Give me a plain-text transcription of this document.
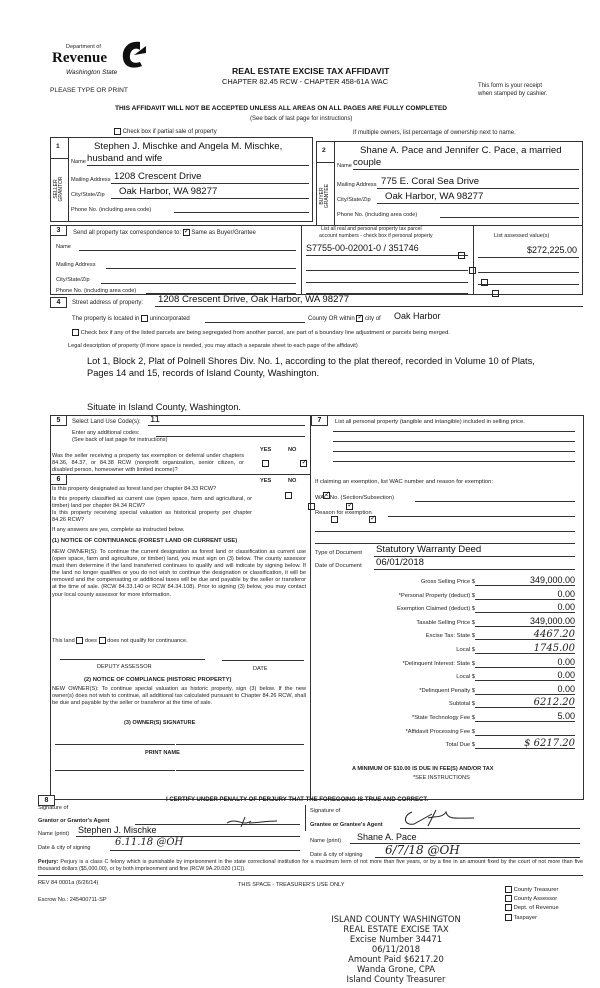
Department of
Revenue
Washington State
PLEASE TYPE OR PRINT
REAL ESTATE EXCISE TAX AFFIDAVIT
CHAPTER 82.45 RCW - CHAPTER 458-61A WAC	This form is your receipt
when stamped by cashier.
THIS AFFIDAVIT WILL NOT BE ACCEPTED UNLESS ALL AREAS ON ALL PAGES ARE FULLY COMPLETED
(See back of last page for instructions)
Check box if partial sale of property	If multiple owners, list percentage of ownership next to name.
1
SELLER GRANTOR
Stephen J. Mischke and Angela M. Mischke,
Name husband and wife
Mailing Address 1208 Crescent Drive
City/State/Zip Oak Harbor, WA 98277
Phone No. (including area code)
2
BUYER GRANTEE
Shane A. Pace and Jennifer C. Pace, a married
Name couple
Mailing Address 775 E. Coral Sea Drive
City/State/Zip Oak Harbor, WA 98277
Phone No. (including area code)
3	Send all property tax correspondence to: ✓ Same as Buyer/Grantee
Name
Mailing Address
City/State/Zip
Phone No. (including area code)
List all real and personal property tax parcel
account numbers - check box if personal property	List assessed value(s)
S7755-00-02001-0 / 351746	$272,225.00

4	Street address of property: 1208 Crescent Drive, Oak Harbor, WA 98277
The property is located in unincorporated	County OR within ✓ city of Oak Harbor
Check box if any of the listed parcels are being segregated from another parcel, are part of a boundary line adjustment or parcels being merged.
Legal description of property (if more space is needed, you may attach a separate sheet to each page of the affidavit)
Lot 1, Block 2, Plat of Polnell Shores Div. No. 1, according to the plat thereof, recorded in Volume 10 of Plats,
Pages 14 and 15, records of Island County, Washington.
Situate in Island County, Washington.
5	Select Land Use Code(s): 11
Enter any additional codes:
(See back of last page for instructions)
YES	NO
Was the seller receiving a property tax exemption or deferral under chapters 84.36, 84.37, or 84.38 RCW (nonprofit organization, senior citizen, or disabled person, homeowner with limited income)?
✓
6	YES	NO
Is this property designated as forest land per chapter 84.33 RCW?
✓
Is this property classified as current use (open space, farm and agricultural, or timber) land per chapter 84.34 RCW?
✓
Is this property receiving special valuation as historical property per chapter 84.26 RCW?
✓
If any answers are yes, complete as instructed below.
(1) NOTICE OF CONTINUANCE (FOREST LAND OR CURRENT USE)
NEW OWNER(S): To continue the current designation as forest land or classification as current use (open space, farm and agriculture, or timber) land, you must sign on (3) below. The county assessor must then determine if the land transferred continues to qualify and will indicate by signing below. If the land no longer qualifies or you do not wish to continue the designation or classification, it will be removed and the compensating or additional taxes will be due and payable by the seller or transferor at the time of sale. (RCW 84.33.140 or RCW 84.34.108). Prior to signing (3) below, you may contact your local county assessor for more information.
This land does does not qualify for continuance.
DEPUTY ASSESSOR	DATE
(2) NOTICE OF COMPLIANCE (HISTORIC PROPERTY)
NEW OWNER(S): To continue special valuation as historic property, sign (3) below. If the new owner(s) does not wish to continue, all additional tax calculated pursuant to Chapter 84.26 RCW, shall be due and payable by the seller or transferor at the time of sale.
(3) OWNER(S) SIGNATURE
PRINT NAME
7	List all personal property (tangible and intangible) included in selling price.
If claiming an exemption, list WAC number and reason for exemption:
WAC No. (Section/Subsection)
Reason for exemption
Type of Document Statutory Warranty Deed
Date of Document 06/01/2018
Gross Selling Price $	349,000.00
*Personal Property (deduct) $	0.00
Exemption Claimed (deduct) $	0.00
Taxable Selling Price $	349,000.00
Excise Tax: State $	4467.20
Local $	1745.00
*Delinquent Interest: State $	0.00
Local $	0.00
*Delinquent Penalty $	0.00
Subtotal $	6212.20
*State Technology Fee $	5.00
*Affidavit Processing Fee $
Total Due $	$ 6217.20
A MINIMUM OF $10.00 IS DUE IN FEE(S) AND/OR TAX
*SEE INSTRUCTIONS
8	I CERTIFY UNDER PENALTY OF PERJURY THAT THE FOREGOING IS TRUE AND CORRECT.
Signature of
Grantor or Grantor's Agent
Name (print) Stephen J. Mischke
Date & city of signing 6.11.18 @OH
Signature of
Grantee or Grantee's Agent
Name (print) Shane A. Pace
Date & city of signing 6/7/18 @OH
Perjury: Perjury is a class C felony which is punishable by imprisonment in the state correctional institution for a maximum term of not more than five years, or by a fine in an amount fixed by the court of not more than five thousand dollars ($5,000.00), or by both imprisonment and fine (RCW 9A.20.020 (1C)).
REV 84 0001a (6/26/14)	THIS SPACE - TREASURER'S USE ONLY
Escrow No.: 245400711-SP
County Treasurer
County Assessor
Dept. of Revenue
Taxpayer
ISLAND COUNTY WASHINGTON
REAL ESTATE EXCISE TAX
Excise Number 34471
06/11/2018
Amount Paid $6217.20
Wanda Grone, CPA
Island County Treasurer
